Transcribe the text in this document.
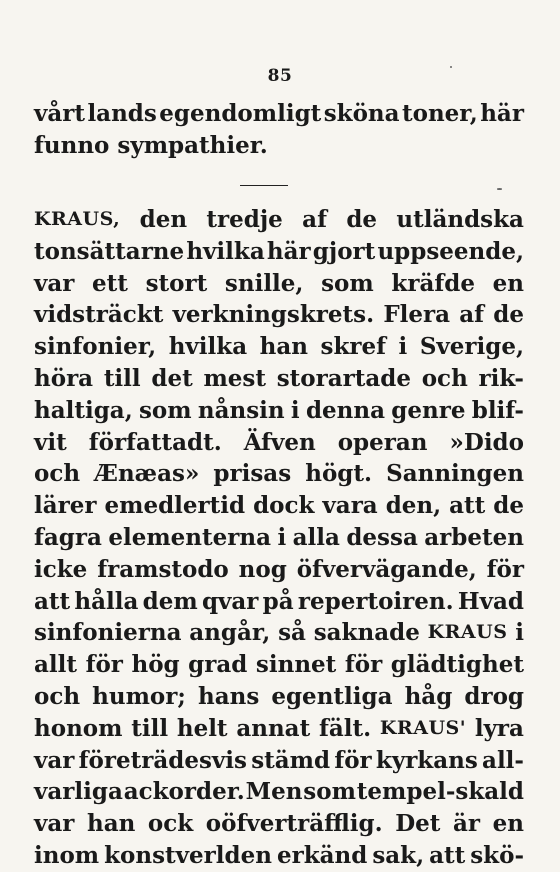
85
vårt lands egendomligt sköna toner, här
funno sympathier.
KRAUS, den tredje af de utländska
tonsättarne hvilka här gjort uppseende,
var ett stort snille, som kräfde en
vidsträckt verkningskrets. Flera af de
sinfonier, hvilka han skref i Sverige,
höra till det mest storartade och rik-
haltiga, som nånsin i denna genre blif-
vit författadt. Äfven operan »Dido
och Ænæas» prisas högt. Sanningen
lärer emedlertid dock vara den, att de
fagra elementerna i alla dessa arbeten
icke framstodo nog öfvervägande, för
att hålla dem qvar på repertoiren. Hvad
sinfonierna angår, så saknade KRAUS i
allt för hög grad sinnet för glädtighet
och humor; hans egentliga håg drog
honom till helt annat fält. KRAUS' lyra
var företrädesvis stämd för kyrkans all-
varliga ackorder. Men som tempel-skald
var han ock oöfverträfflig. Det är en
inom konstverlden erkänd sak, att skö-
